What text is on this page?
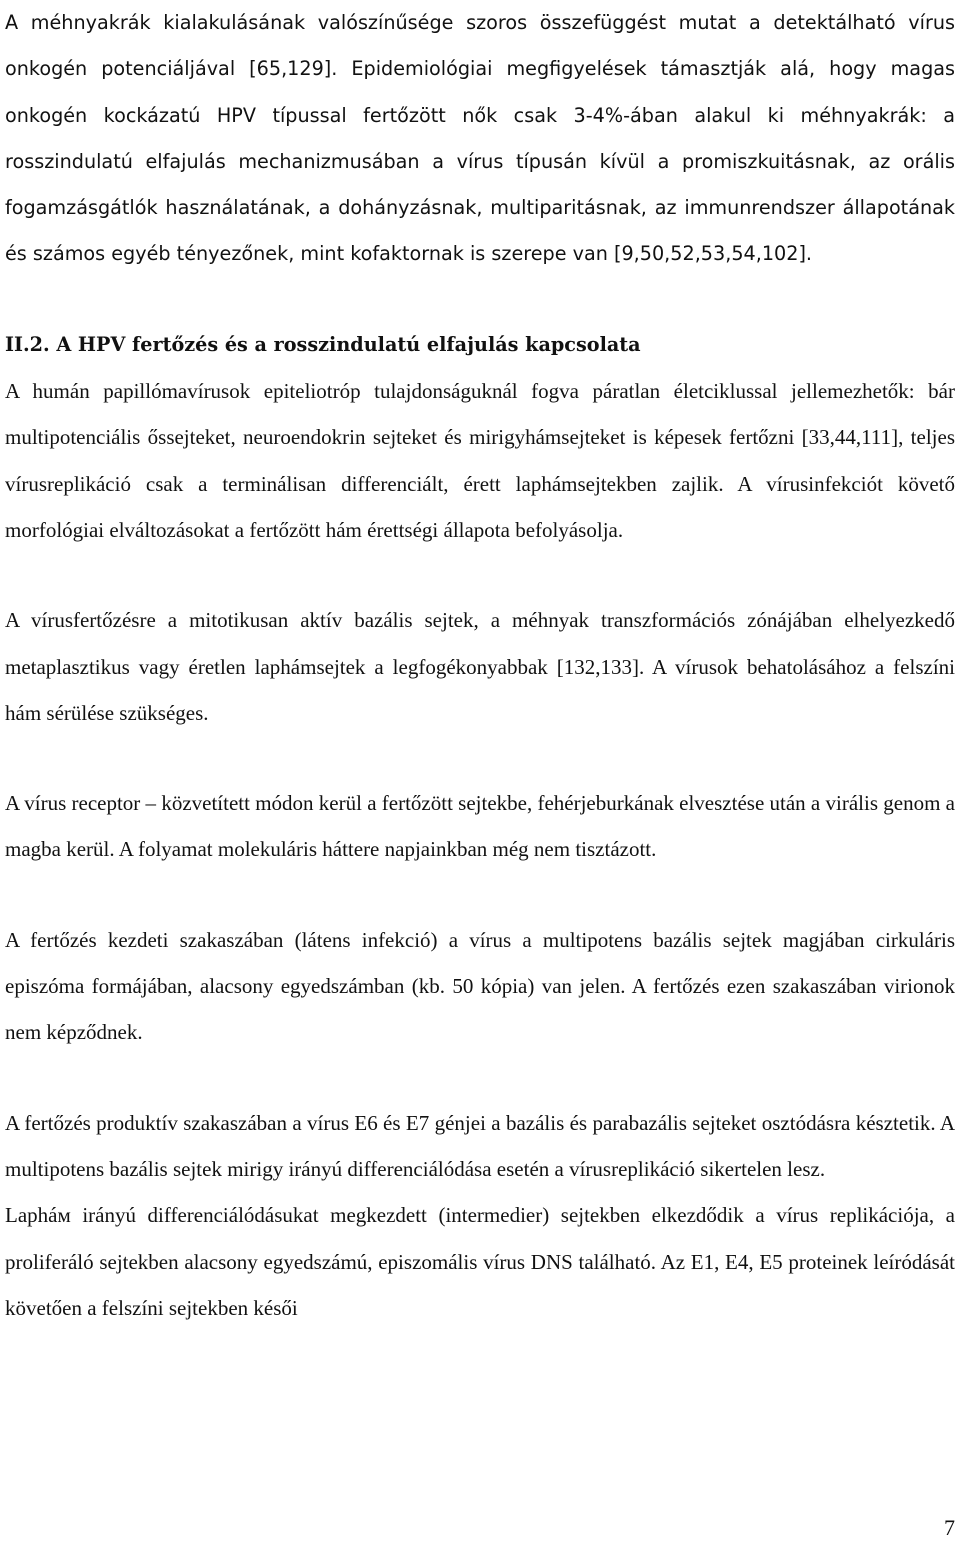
A méhnyakrák kialakulásának valószínűsége szoros összefüggést mutat a detektálható vírus onkogén potenciáljával [65,129]. Epidemiológiai megfigyelések támasztják alá, hogy magas onkogén kockázatú HPV típussal fertőzött nők csak 3-4%-ában alakul ki méhnyakrák: a rosszindulatú elfajulás mechanizmusában a vírus típusán kívül a promiszkuitásnak, az orális fogamzásgátlók használatának, a dohányzásnak, multiparitásnak, az immunrendszer állapotának és számos egyéb tényezőnek, mint kofaktornak is szerepe van [9,50,52,53,54,102].

II.2. A HPV fertőzés és a rosszindulatú elfajulás kapcsolata

A humán papillómavírusok epiteliotróp tulajdonságuknál fogva páratlan életciklussal jellemezhetők: bár multipotenciális őssejteket, neuroendokrin sejteket és mirigyhámsejteket is képesek fertőzni [33,44,111], teljes vírusreplikáció csak a terminálisan differenciált, érett laphámsejtekben zajlik. A vírusinfekciót követő morfológiai elváltozásokat a fertőzött hám érettségi állapota befolyásolja.

A vírusfertőzésre a mitotikusan aktív bazális sejtek, a méhnyak transzformációs zónájában elhelyezkedő metaplasztikus vagy éretlen laphámsejtek a legfogékonyabbak [132,133]. A vírusok behatolásához a felszíni hám sérülése szükséges.

A vírus receptor – közvetített módon kerül a fertőzött sejtekbe, fehérjeburkának elvesztése után a virális genom a magba kerül. A folyamat molekuláris háttere napjainkban még nem tisztázott.

A fertőzés kezdeti szakaszában (látens infekció) a vírus a multipotens bazális sejtek magjában cirkuláris episzóma formájában, alacsony egyedszámban (kb. 50 kópia) van jelen. A fertőzés ezen szakaszában virionok nem képződnek.

A fertőzés produktív szakaszában a vírus E6 és E7 génjei a bazális és parabazális sejteket osztódásra késztetik. A multipotens bazális sejtek mirigy irányú differenciálódása esetén a vírusreplikáció sikertelen lesz.

Lapháм irányú differenciálódásukat megkezdett (intermedier) sejtekben elkezdődik a vírus replikációja, a proliferáló sejtekben alacsony egyedszámú, episzomális vírus DNS található. Az E1, E4, E5 proteinek leíródását követően a felszíni sejtekben késői

7
